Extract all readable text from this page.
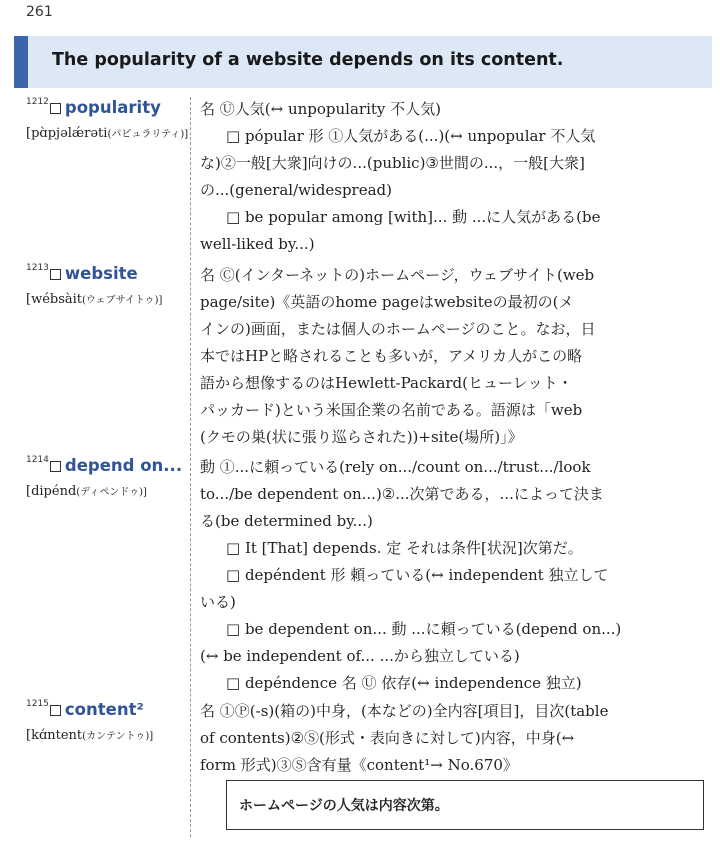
261
The popularity of a website depends on its content.
$^{1212}$ popularity
[pɑ̀pjəlǽrəti(パピュラリティ)]

名 Ⓤ人気(↔ unpopularity 不人気)

□ pópular 形 ①人気がある(...)(↔ unpopular 不人気

な)②一般[大衆]向けの...(public)③世間の...，一般[大衆]

の...(general/widespread)

□ be popular among [with]... 動 ...に人気がある(be

well-liked by...)

$^{1213}$ website
[wébsàit(ウェブサイトゥ)]

名 Ⓒ(インターネットの)ホームページ，ウェブサイト(web

page/site)《英語のhome pageはwebsiteの最初の(メ

インの)画面，または個人のホームページのこと。なお，日

本ではHPと略されることも多いが，アメリカ人がこの略

語から想像するのはHewlett-Packard(ヒューレット・

パッカード)という米国企業の名前である。語源は「web

(クモの巣(状に張り巡らされた))+site(場所)」》

$^{1214}$ depend on...
[dipénd(ディペンドゥ)]

動 ①...に頼っている(rely on.../count on.../trust.../look

to.../be dependent on...)②...次第である，...によって決ま

る(be determined by...)

□ It [That] depends. 定 それは条件[状況]次第だ。

□ depéndent 形 頼っている(↔ independent 独立して

いる)

□ be dependent on... 動 ...に頼っている(depend on...)

(↔ be independent of... ...から独立している)

□ depéndence 名 Ⓤ 依存(↔ independence 独立)

$^{1215}$ content²
[kɑ́ntent(カンテントゥ)]

名 ①Ⓟ(-s)(箱の)中身，(本などの)全内容[項目]，目次(table

of contents)②Ⓢ(形式・表向きに対して)内容，中身(↔

form 形式)③Ⓢ含有量《content¹→ No.670》

ホームページの人気は内容次第。
